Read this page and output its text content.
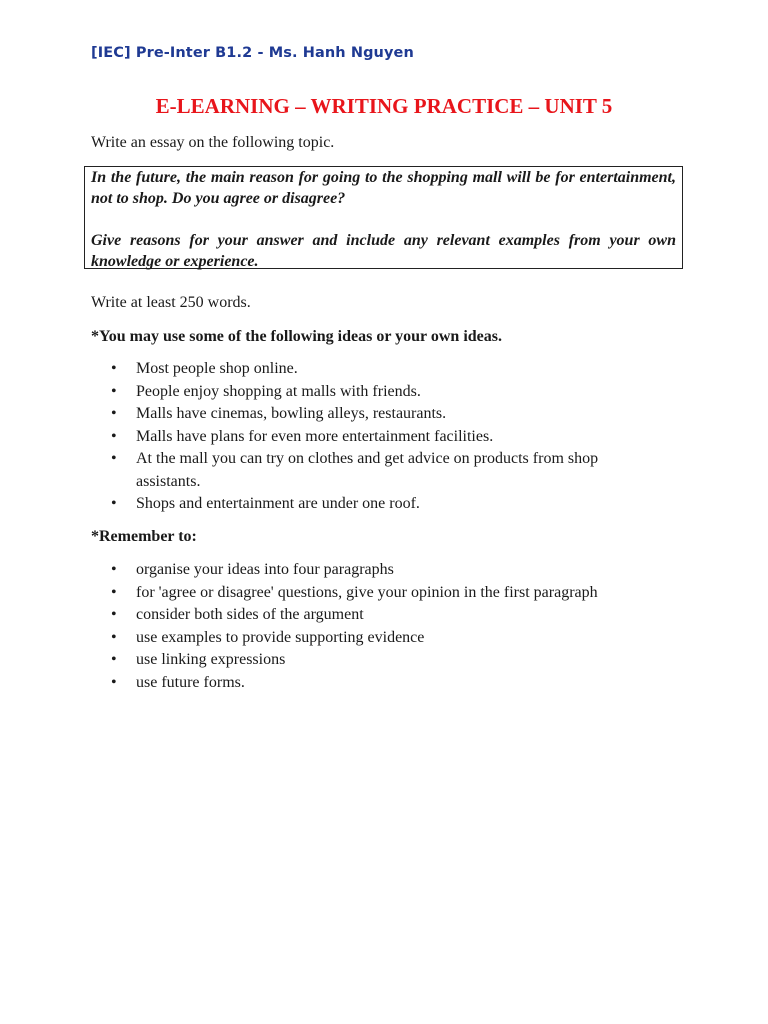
[IEC] Pre-Inter B1.2 - Ms. Hanh Nguyen
E-LEARNING – WRITING PRACTICE – UNIT 5
Write an essay on the following topic.

In the future, the main reason for going to the shopping mall will be for entertainment, not to shop. Do you agree or disagree?

Give reasons for your answer and include any relevant examples from your own knowledge or experience.

Write at least 250 words.
*You may use some of the following ideas or your own ideas.
• Most people shop online.
• People enjoy shopping at malls with friends.
• Malls have cinemas, bowling alleys, restaurants.
• Malls have plans for even more entertainment facilities.
• At the mall you can try on clothes and get advice on products from shop assistants.
• Shops and entertainment are under one roof.
*Remember to:
• organise your ideas into four paragraphs
• for 'agree or disagree' questions, give your opinion in the first paragraph
• consider both sides of the argument
• use examples to provide supporting evidence
• use linking expressions
• use future forms.
